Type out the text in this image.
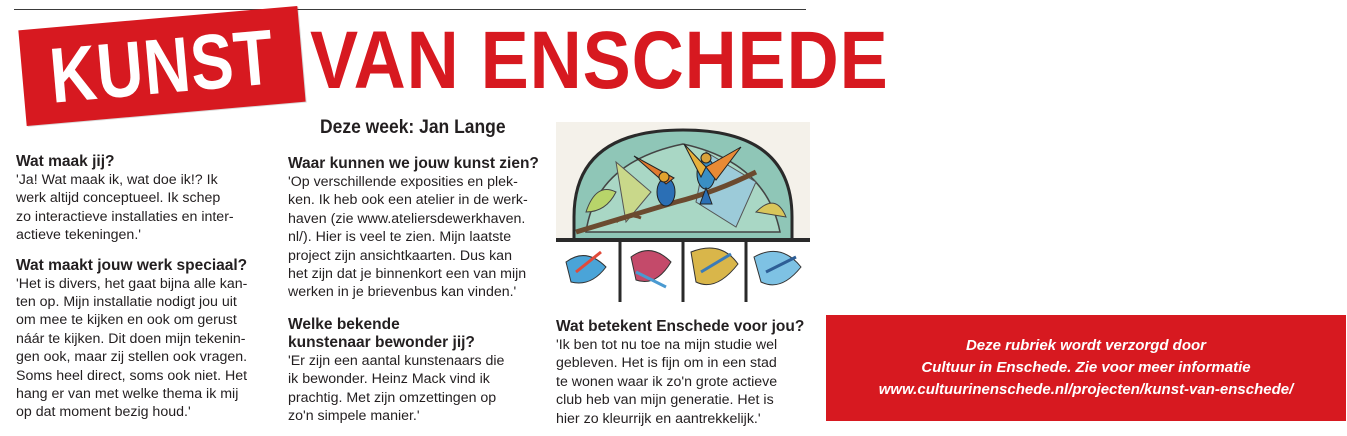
KUNST VAN ENSCHEDE
Deze week: Jan Lange
Wat maak jij?

'Ja! Wat maak ik, wat doe ik!? Ik
werk altijd conceptueel. Ik schep
zo interactieve installaties en inter-
actieve tekeningen.'

Wat maakt jouw werk speciaal?

'Het is divers, het gaat bijna alle kan-
ten op. Mijn installatie nodigt jou uit
om mee te kijken en ook om gerust
náár te kijken. Dit doen mijn tekenin-
gen ook, maar zij stellen ook vragen.
Soms heel direct, soms ook niet. Het
hang er van met welke thema ik mij
op dat moment bezig houd.'

Waar kunnen we jouw kunst zien?

'Op verschillende exposities en plek-
ken. Ik heb ook een atelier in de werk-
haven (zie www.ateliersdewerkhaven.
nl/). Hier is veel te zien. Mijn laatste
project zijn ansichtkaarten. Dus kan
het zijn dat je binnenkort een van mijn
werken in je brievenbus kan vinden.'

Welke bekende
kunstenaar bewonder jij?

'Er zijn een aantal kunstenaars die
ik bewonder. Heinz Mack vind ik
prachtig. Met zijn omzettingen op
zo'n simpele manier.'

Wat betekent Enschede voor jou?

'Ik ben tot nu toe na mijn studie wel
gebleven. Het is fijn om in een stad
te wonen waar ik zo'n grote actieve
club heb van mijn generatie. Het is
hier zo kleurrijk en aantrekkelijk.'

Deze rubriek wordt verzorgd door
Cultuur in Enschede. Zie voor meer informatie
www.cultuurinenschede.nl/projecten/kunst-van-enschede/
